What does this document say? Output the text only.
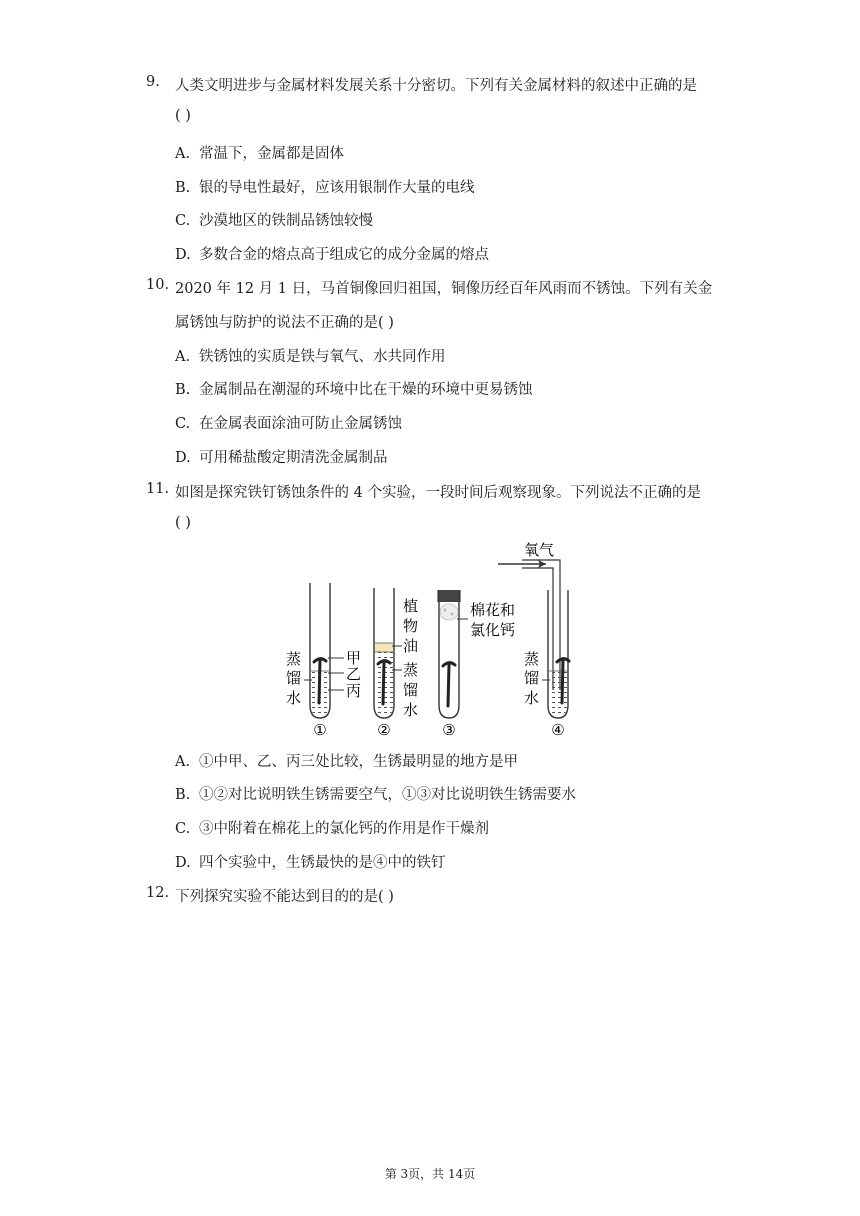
9. 人类文明进步与金属材料发展关系十分密切。下列有关金属材料的叙述中正确的是
( )
A. 常温下，金属都是固体
B. 银的导电性最好，应该用银制作大量的电线
C. 沙漠地区的铁制品锈蚀较慢
D. 多数合金的熔点高于组成它的成分金属的熔点
10. 2020 年 12 月 1 日，马首铜像回归祖国，铜像历经百年风雨而不锈蚀。下列有关金
属锈蚀与防护的说法不正确的是( )
A. 铁锈蚀的实质是铁与氧气、水共同作用
B. 金属制品在潮湿的环境中比在干燥的环境中更易锈蚀
C. 在金属表面涂油可防止金属锈蚀
D. 可用稀盐酸定期清洗金属制品
11. 如图是探究铁钉锈蚀条件的 4 个实验，一段时间后观察现象。下列说法不正确的是
( )
甲
乙
丙
蒸
馏
水
①
植
物
油
蒸
馏
水
②
棉花和
氯化钙
③
氧气
蒸
馏
水
④
A. ①中甲、乙、丙三处比较，生锈最明显的地方是甲
B. ①②对比说明铁生锈需要空气，①③对比说明铁生锈需要水
C. ③中附着在棉花上的氯化钙的作用是作干燥剂
D. 四个实验中，生锈最快的是④中的铁钉
12. 下列探究实验不能达到目的的是( )
第 3页，共 14页
